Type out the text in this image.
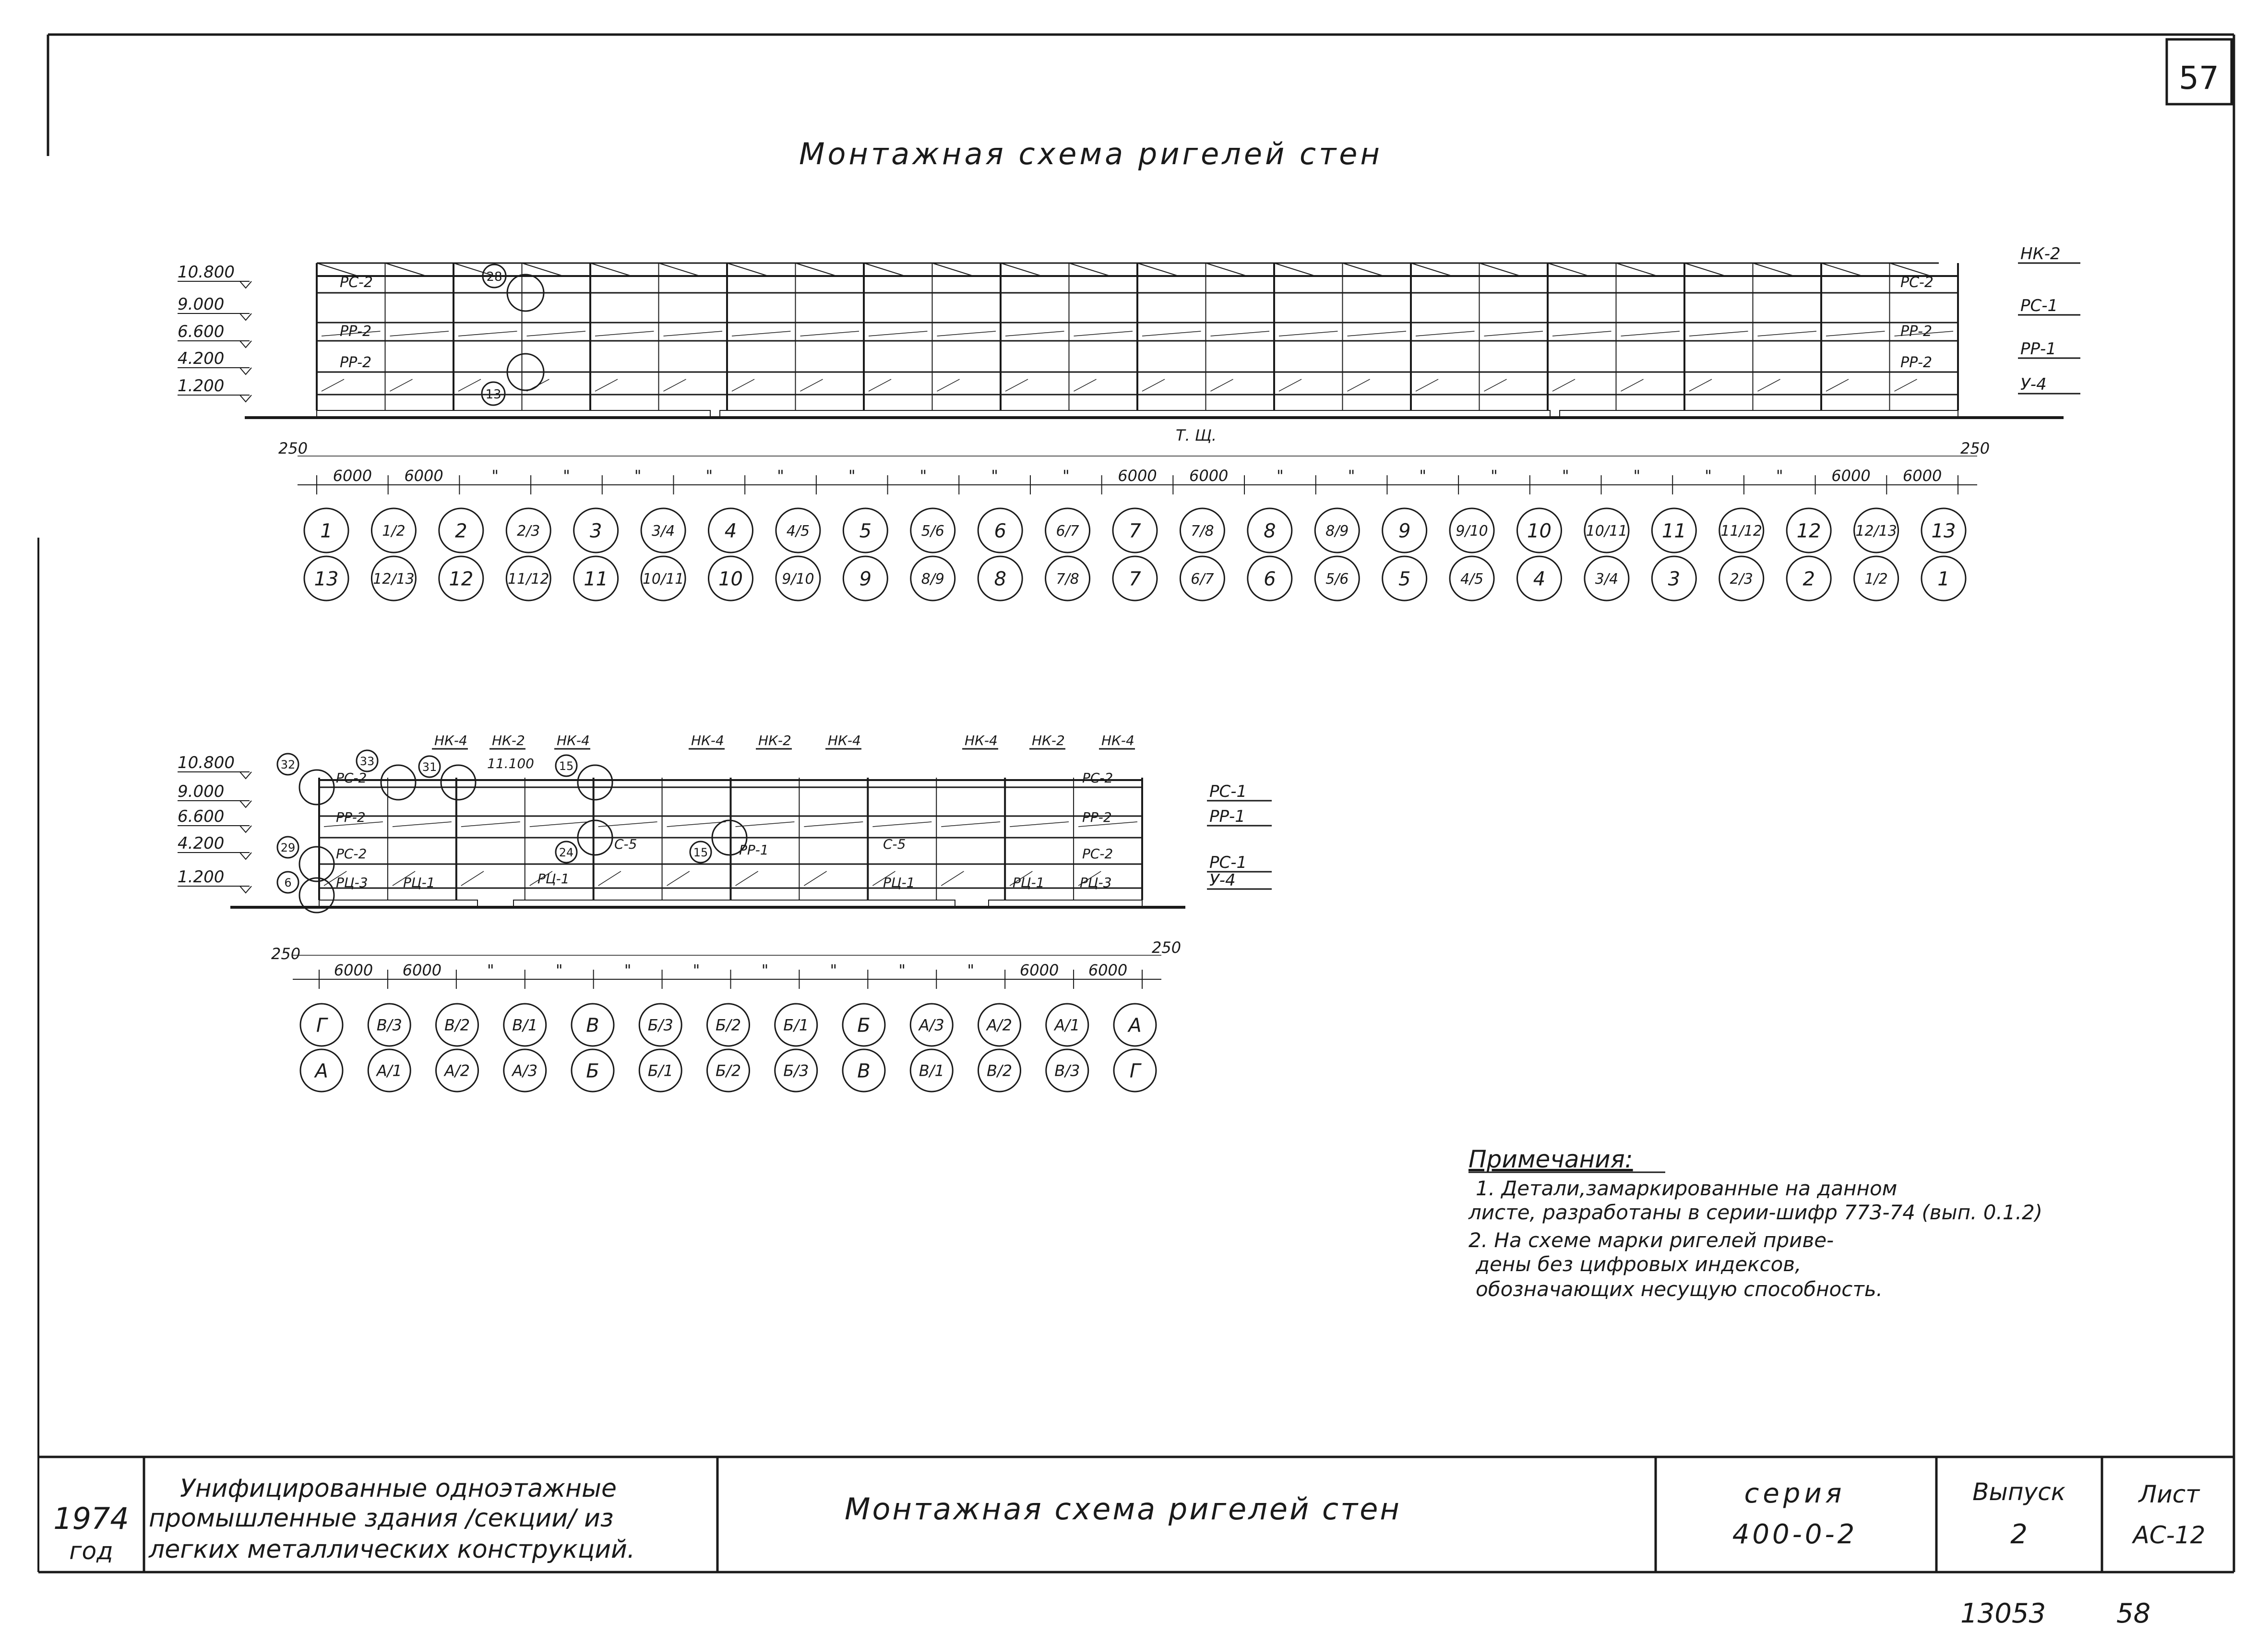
57
Монтажная схема ригелей стен
10.800
9.000
6.600
4.200
1.200
РС-2
РР-2
РР-2
РС-2
РР-2
РР-2
НК-2
РС-1
РР-1
У-4
28
13
Т. Щ.
250	250
6000 6000	"	"	"	"	"	"	"	"	"	6000 6000	"	"	"	"	"	"	"	"	6000 6000
1	1/2	2	2/3	3	3/4	4	4/5	5	5/6	6	6/7	7	7/8	8	8/9	9	9/10 10 10/11 11 11/12 12 12/13 13
13 12/13 12 11/12 11 10/11 10	9/10 9	8/9	8	7/8	7	6/7	6	5/6	5	4/5	4	3/4	3	2/3	2	1/2	1
10.800
9.000
6.600
4.200
1.200
НК-4 НК-2 НК-4
11.100
НК-4	НК-2	НК-4	НК-4	НК-2	НК-4
РС-2
РР-2
РС-2
РЦ-3	РЦ-1	РЦ-1
С-5	РР-1	С-5
РЦ-1	РЦ-1	РЦ-3
РС-2
РР-2
РС-2
РС-1
РР-1
РС-1
У-4
32	33	31	15
29
6
24	15
250	250
6000 6000	"	"	"	"	"	"	"	"	6000 6000
Г	В/3	В/2	В/1	В	Б/3	Б/2	Б/1	Б	А/3	А/2	А/1	А
А	А/1	А/2	А/3	Б	Б/1	Б/2	Б/3	В	В/1	В/2	В/3	Г
Примечания:
1. Детали,замаркированные на данном
листе, разработаны в серии-шифр 773-74 (вып. 0.1.2)
2. На схеме марки ригелей приве-
дены без цифровых индексов,
обозначающих несущую способность.
1974
год
Унифицированные одноэтажные
промышленные здания /секции/ из
легких металлических конструкций.
Монтажная схема ригелей стен	серия
400-0-2
Выпуск
2
Лист
АС-12
13053	58
